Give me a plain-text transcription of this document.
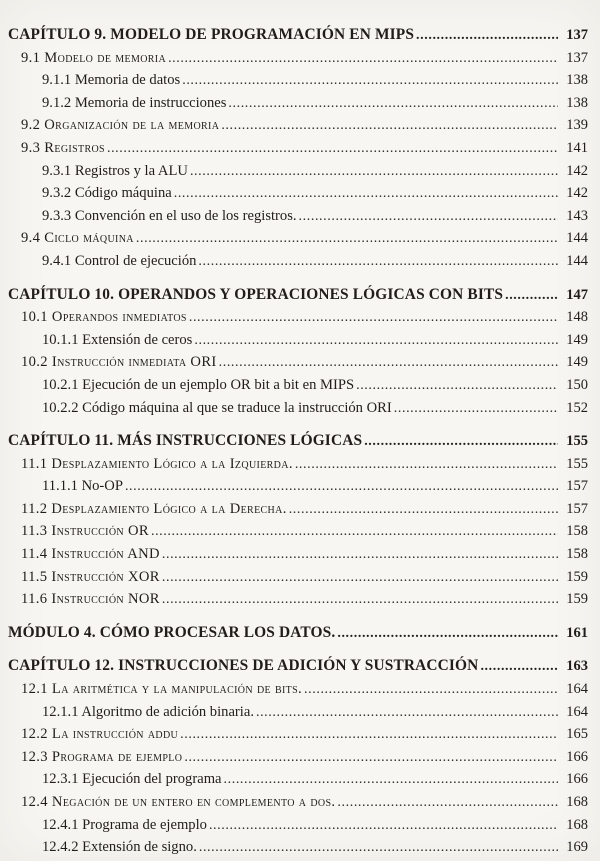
CAPÍTULO 9. MODELO DE PROGRAMACIÓN EN MIPS .....	137
9.1 Modelo de memoria .....	137
9.1.1 Memoria de datos .....	138
9.1.2 Memoria de instrucciones .....	138
9.2 Organización de la memoria .....	139
9.3 Registros .....	141
9.3.1 Registros y la ALU .....	142
9.3.2 Código máquina .....	142
9.3.3 Convención en el uso de los registros. .....	143
9.4 Ciclo máquina .....	144
9.4.1 Control de ejecución .....	144
CAPÍTULO 10. OPERANDOS Y OPERACIONES LÓGICAS CON BITS .....	147
10.1 Operandos inmediatos .....	148
10.1.1 Extensión de ceros .....	149
10.2 Instrucción inmediata ORI .....	149
10.2.1 Ejecución de un ejemplo OR bit a bit en MIPS .....	150
10.2.2 Código máquina al que se traduce la instrucción ORI .....	152
CAPÍTULO 11. MÁS INSTRUCCIONES LÓGICAS .....	155
11.1 Desplazamiento Lógico a la Izquierda. .....	155
11.1.1 No-OP .....	157
11.2 Desplazamiento Lógico a la Derecha. .....	157
11.3 Instrucción OR .....	158
11.4 Instrucción AND .....	158
11.5 Instrucción XOR .....	159
11.6 Instrucción NOR .....	159
MÓDULO 4. CÓMO PROCESAR LOS DATOS. .....	161
CAPÍTULO 12. INSTRUCCIONES DE ADICIÓN Y SUSTRACCIÓN .....	163
12.1 La aritmética y la manipulación de bits. .....	164
12.1.1 Algoritmo de adición binaria. .....	164
12.2 La instrucción addu .....	165
12.3 Programa de ejemplo .....	166
12.3.1 Ejecución del programa .....	166
12.4 Negación de un entero en complemento a dos. .....	168
12.4.1 Programa de ejemplo .....	168
12.4.2 Extensión de signo. .....	169
